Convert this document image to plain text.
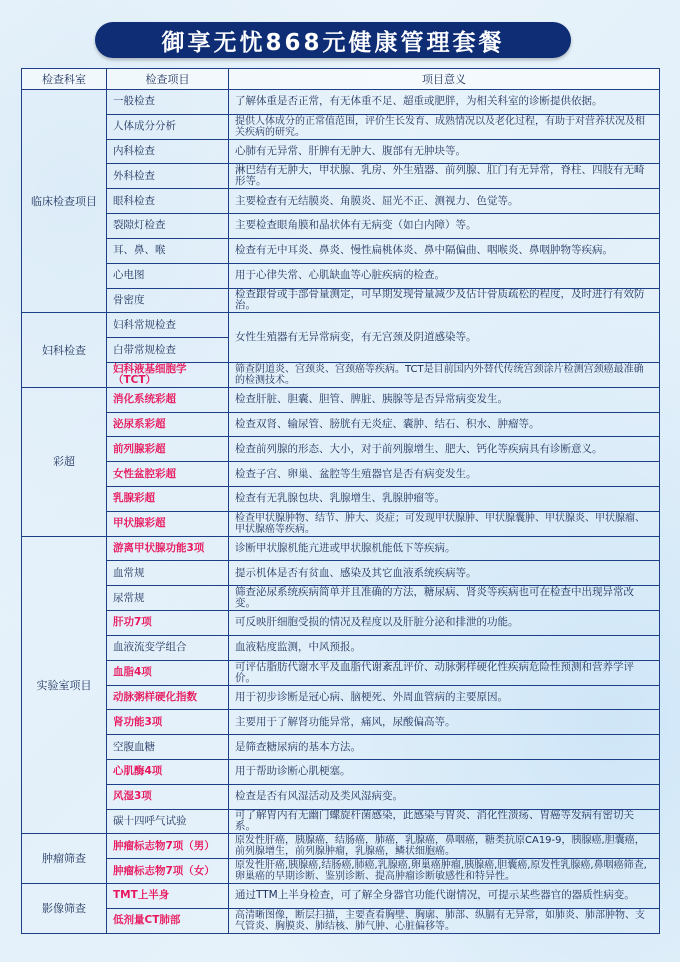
御享无忧868元健康管理套餐
检查科室	检查项目	项目意义
临床检查项目	一般检查	了解体重是否正常，有无体重不足、超重或肥胖，为相关科室的诊断提供依据。
	人体成分分析	提供人体成分的正常值范围，评价生长发育、成熟情况以及老化过程，有助于对营养状况及相关疾病的研究。
	内科检查	心肺有无异常、肝脾有无肿大、腹部有无肿块等。
	外科检查	淋巴结有无肿大，甲状腺、乳房、外生殖器、前列腺、肛门有无异常，脊柱、四肢有无畸形等。
	眼科检查	主要检查有无结膜炎、角膜炎、屈光不正、测视力、色觉等。
	裂隙灯检查	主要检查眼角膜和晶状体有无病变（如白内障）等。
	耳、鼻、喉	检查有无中耳炎、鼻炎、慢性扁桃体炎、鼻中隔偏曲、咽喉炎、鼻咽肿物等疾病。
	心电图	用于心律失常、心肌缺血等心脏疾病的检查。
	骨密度	检查跟骨或手部骨量测定，可早期发现骨量减少及估计骨质疏松的程度，及时进行有效防治。
妇科检查	妇科常规检查	女性生殖器有无异常病变，有无宫颈及阴道感染等。
	白带常规检查	
	妇科液基细胞学（TCT）	筛查阴道炎、宫颈炎、宫颈癌等疾病。TCT是目前国内外替代传统宫颈涂片检测宫颈癌最准确的检测技术。
彩超	消化系统彩超	检查肝脏、胆囊、胆管、脾脏、胰腺等是否异常病变发生。
	泌尿系彩超	检查双肾、输尿管、膀胱有无炎症、囊肿、结石、积水、肿瘤等。
	前列腺彩超	检查前列腺的形态、大小，对于前列腺增生、肥大、钙化等疾病具有诊断意义。
	女性盆腔彩超	检查子宫、卵巢、盆腔等生殖器官是否有病变发生。
	乳腺彩超	检查有无乳腺包块、乳腺增生、乳腺肿瘤等。
	甲状腺彩超	检查甲状腺肿物、结节、肿大、炎症；可发现甲状腺肿、甲状腺囊肿、甲状腺炎、甲状腺瘤、甲状腺癌等疾病。
实验室项目	游离甲状腺功能3项	诊断甲状腺机能亢进或甲状腺机能低下等疾病。
	血常规	提示机体是否有贫血、感染及其它血液系统疾病等。
	尿常规	筛查泌尿系统疾病简单并且准确的方法，糖尿病、肾炎等疾病也可在检查中出现异常改变。
	肝功7项	可反映肝细胞受损的情况及程度以及肝脏分泌和排泄的功能。
	血液流变学组合	血液粘度监测，中风预报。
	血脂4项	可评估脂肪代谢水平及血脂代谢紊乱评价、动脉粥样硬化性疾病危险性预测和营养学评价。
	动脉粥样硬化指数	用于初步诊断是冠心病、脑梗死、外周血管病的主要原因。
	肾功能3项	主要用于了解肾功能异常，痛风，尿酸偏高等。
	空腹血糖	是筛查糖尿病的基本方法。
	心肌酶4项	用于帮助诊断心肌梗塞。
	风湿3项	检查是否有风湿活动及类风湿病变。
	碳十四呼气试验	可了解胃内有无幽门螺旋杆菌感染，此感染与胃炎、消化性溃疡、胃癌等发病有密切关系。
肿瘤筛查	肿瘤标志物7项（男）	原发性肝癌，胰腺癌，结肠癌，肺癌，乳腺癌，鼻咽癌，糖类抗原CA19-9，胰腺癌,胆囊癌，前列腺增生，前列腺肿瘤，乳腺癌，鳞状细胞癌。
	肿瘤标志物7项（女）	原发性肝癌,胰腺癌,结肠癌,肺癌,乳腺癌,卵巢癌肿瘤,胰腺癌,胆囊癌,原发性乳腺癌,鼻咽癌筛查,卵巢癌的早期诊断、鉴别诊断、提高肿瘤诊断敏感性和特异性。
影像筛查	TMT上半身	通过TTM上半身检查，可了解全身器官功能代谢情况，可提示某些器官的器质性病变。
	低剂量CT肺部	高清晰图像，断层扫描，主要查看胸壁、胸廓、肺部、纵膈有无异常，如肺炎、肺部肿物、支气管炎、胸膜炎、肺结核、肺气肿、心脏偏移等。
